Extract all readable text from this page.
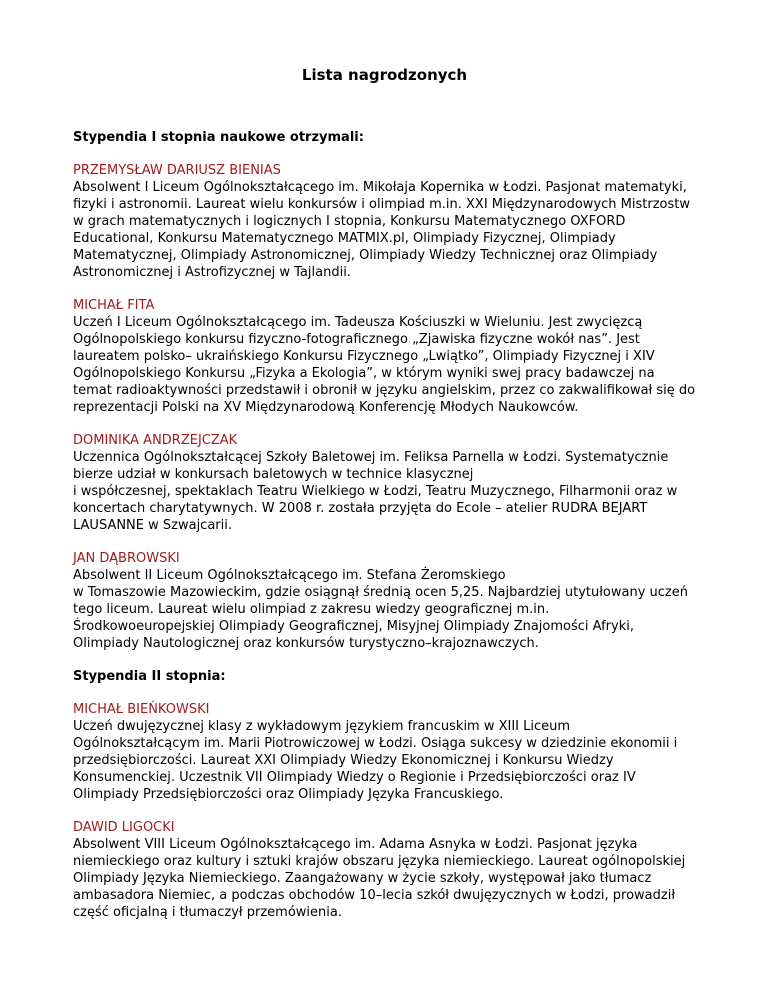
Lista nagrodzonych

Stypendia I stopnia naukowe otrzymali:

PRZEMYSŁAW DARIUSZ BIENIAS

Absolwent I Liceum Ogólnokształcącego im. Mikołaja Kopernika w Łodzi. Pasjonat matematyki,
fizyki i astronomii. Laureat wielu konkursów i olimpiad m.in. XXI Międzynarodowych Mistrzostw
w grach matematycznych i logicznych I stopnia, Konkursu Matematycznego OXFORD
Educational, Konkursu Matematycznego MATMIX.pl, Olimpiady Fizycznej, Olimpiady
Matematycznej, Olimpiady Astronomicznej, Olimpiady Wiedzy Technicznej oraz Olimpiady
Astronomicznej i Astrofizycznej w Tajlandii.

MICHAŁ FITA

Uczeń I Liceum Ogólnokształcącego im. Tadeusza Kościuszki w Wieluniu. Jest zwycięzcą
Ogólnopolskiego konkursu fizyczno-fotograficznego „Zjawiska fizyczne wokół nas”. Jest
laureatem polsko– ukraińskiego Konkursu Fizycznego „Lwiątko”, Olimpiady Fizycznej i XIV
Ogólnopolskiego Konkursu „Fizyka a Ekologia”, w którym wyniki swej pracy badawczej na
temat radioaktywności przedstawił i obronił w języku angielskim, przez co zakwalifikował się do
reprezentacji Polski na XV Międzynarodową Konferencję Młodych Naukowców.

DOMINIKA ANDRZEJCZAK

Uczennica Ogólnokształcącej Szkoły Baletowej im. Feliksa Parnella w Łodzi. Systematycznie
bierze udział w konkursach baletowych w technice klasycznej
i współczesnej, spektaklach Teatru Wielkiego w Łodzi, Teatru Muzycznego, Filharmonii oraz w
koncertach charytatywnych. W 2008 r. została przyjęta do Ecole – atelier RUDRA BEJART
LAUSANNE w Szwajcarii.

JAN DĄBROWSKI

Absolwent II Liceum Ogólnokształcącego im. Stefana Żeromskiego
w Tomaszowie Mazowieckim, gdzie osiągnął średnią ocen 5,25. Najbardziej utytułowany uczeń
tego liceum. Laureat wielu olimpiad z zakresu wiedzy geograficznej m.in.
Środkowoeuropejskiej Olimpiady Geograficznej, Misyjnej Olimpiady Znajomości Afryki,
Olimpiady Nautologicznej oraz konkursów turystyczno–krajoznawczych.

Stypendia II stopnia:

MICHAŁ BIEŃKOWSKI

Uczeń dwujęzycznej klasy z wykładowym językiem francuskim w XIII Liceum
Ogólnokształcącym im. Marii Piotrowiczowej w Łodzi. Osiąga sukcesy w dziedzinie ekonomii i
przedsiębiorczości. Laureat XXI Olimpiady Wiedzy Ekonomicznej i Konkursu Wiedzy
Konsumenckiej. Uczestnik VII Olimpiady Wiedzy o Regionie i Przedsiębiorczości oraz IV
Olimpiady Przedsiębiorczości oraz Olimpiady Języka Francuskiego.

DAWID LIGOCKI

Absolwent VIII Liceum Ogólnokształcącego im. Adama Asnyka w Łodzi. Pasjonat języka
niemieckiego oraz kultury i sztuki krajów obszaru języka niemieckiego. Laureat ogólnopolskiej
Olimpiady Języka Niemieckiego. Zaangażowany w życie szkoły, występował jako tłumacz
ambasadora Niemiec, a podczas obchodów 10–lecia szkół dwujęzycznych w Łodzi, prowadził
część oficjalną i tłumaczył przemówienia.
